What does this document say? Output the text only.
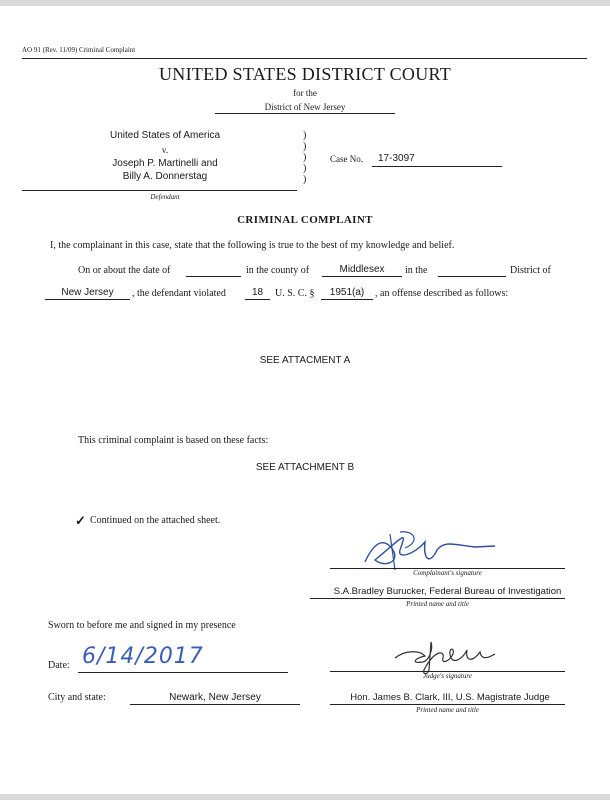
AO 91 (Rev. 11/09) Criminal Complaint
UNITED STATES DISTRICT COURT
for the
District of New Jersey
United States of America
v.
Joseph P. Martinelli and
Billy A. Donnerstag
Defendant
)
)
)
)
)
Case No. 17-3097
CRIMINAL COMPLAINT
I, the complainant in this case, state that the following is true to the best of my knowledge and belief.
On or about the date of	in the county of	Middlesex	in the	District of
New Jersey	, the defendant violated	18	U. S. C. §	1951(a)	, an offense described as follows:
SEE ATTACMENT A
This criminal complaint is based on these facts:
SEE ATTACHMENT B
✓ Continued on the attached sheet.
Complainant's signature
S.A.Bradley Burucker, Federal Bureau of Investigation
Printed name and title
Sworn to before me and signed in my presence
Date: 6/14/2017
Judge's signature
City and state:	Newark, New Jersey	Hon. James B. Clark, III, U.S. Magistrate Judge
Printed name and title
